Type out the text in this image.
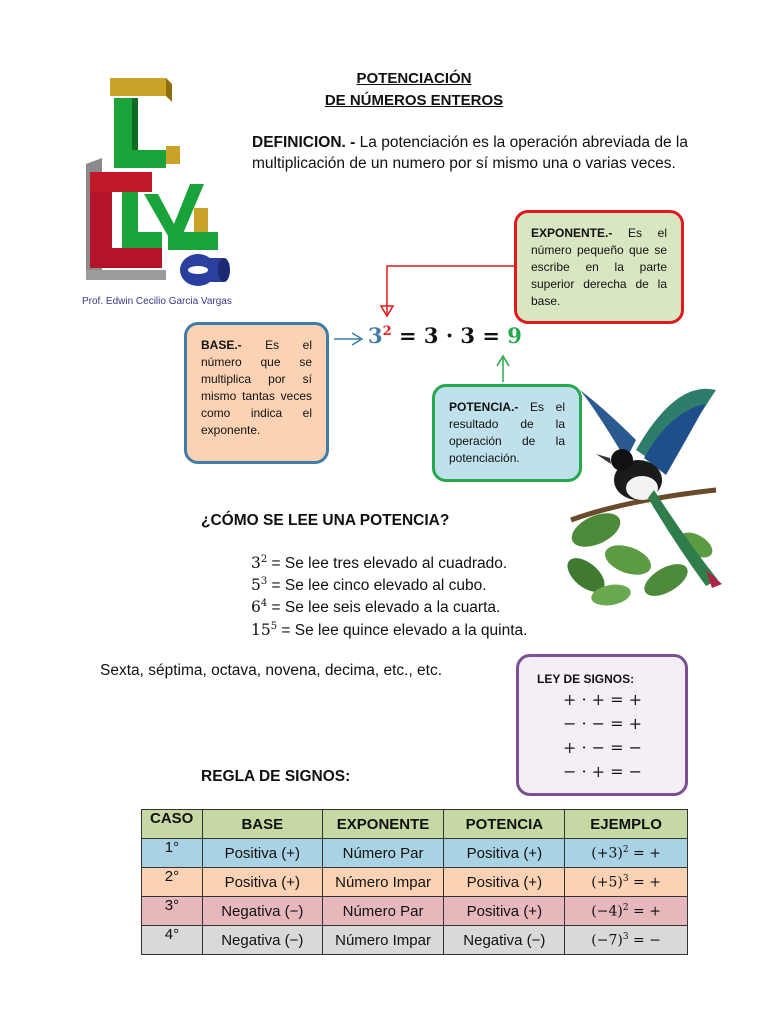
Prof. Edwin Cecilio Garcia Vargas
POTENCIACIÓN
DE NÚMEROS ENTEROS
DEFINICION. - La potenciación es la operación abreviada de la multiplicación de un numero por sí mismo una o varias veces.
EXPONENTE.- Es el número pequeño que se escribe en la parte superior derecha de la base.
$3^2 = 3 \cdot 3 = 9$
BASE.- Es el número que se multiplica por sí mismo tantas veces como indica el exponente.
POTENCIA.- Es el resultado de la operación de la potenciación.
¿CÓMO SE LEE UNA POTENCIA?
$3^2 = Se$ lee tres elevado al cuadrado.
$5^3 = Se$ lee cinco elevado al cubo.
$6^4 = Se$ lee seis elevado a la cuarta.
$15^5 = Se$ lee quince elevado a la quinta.
Sexta, séptima, octava, novena, decima, etc., etc.	LEY DE SIGNOS:
+ · + = +
− · − = +
+ · − = −
− · + = −
REGLA DE SIGNOS:
CASO	BASE	EXPONENTE	POTENCIA	EJEMPLO
1°	Positiva (+)	Número Par	Positiva (+)	$(+3)^2$ = +
2°	Positiva (+)	Número Impar	Positiva (+)	$(+5)^3$ = +
3°	Negativa (−)	Número Par	Positiva (+)	$(-4)^2$ = +
4°	Negativa (−)	Número Impar	Negativa (−)	$(-7)^3$ = −
